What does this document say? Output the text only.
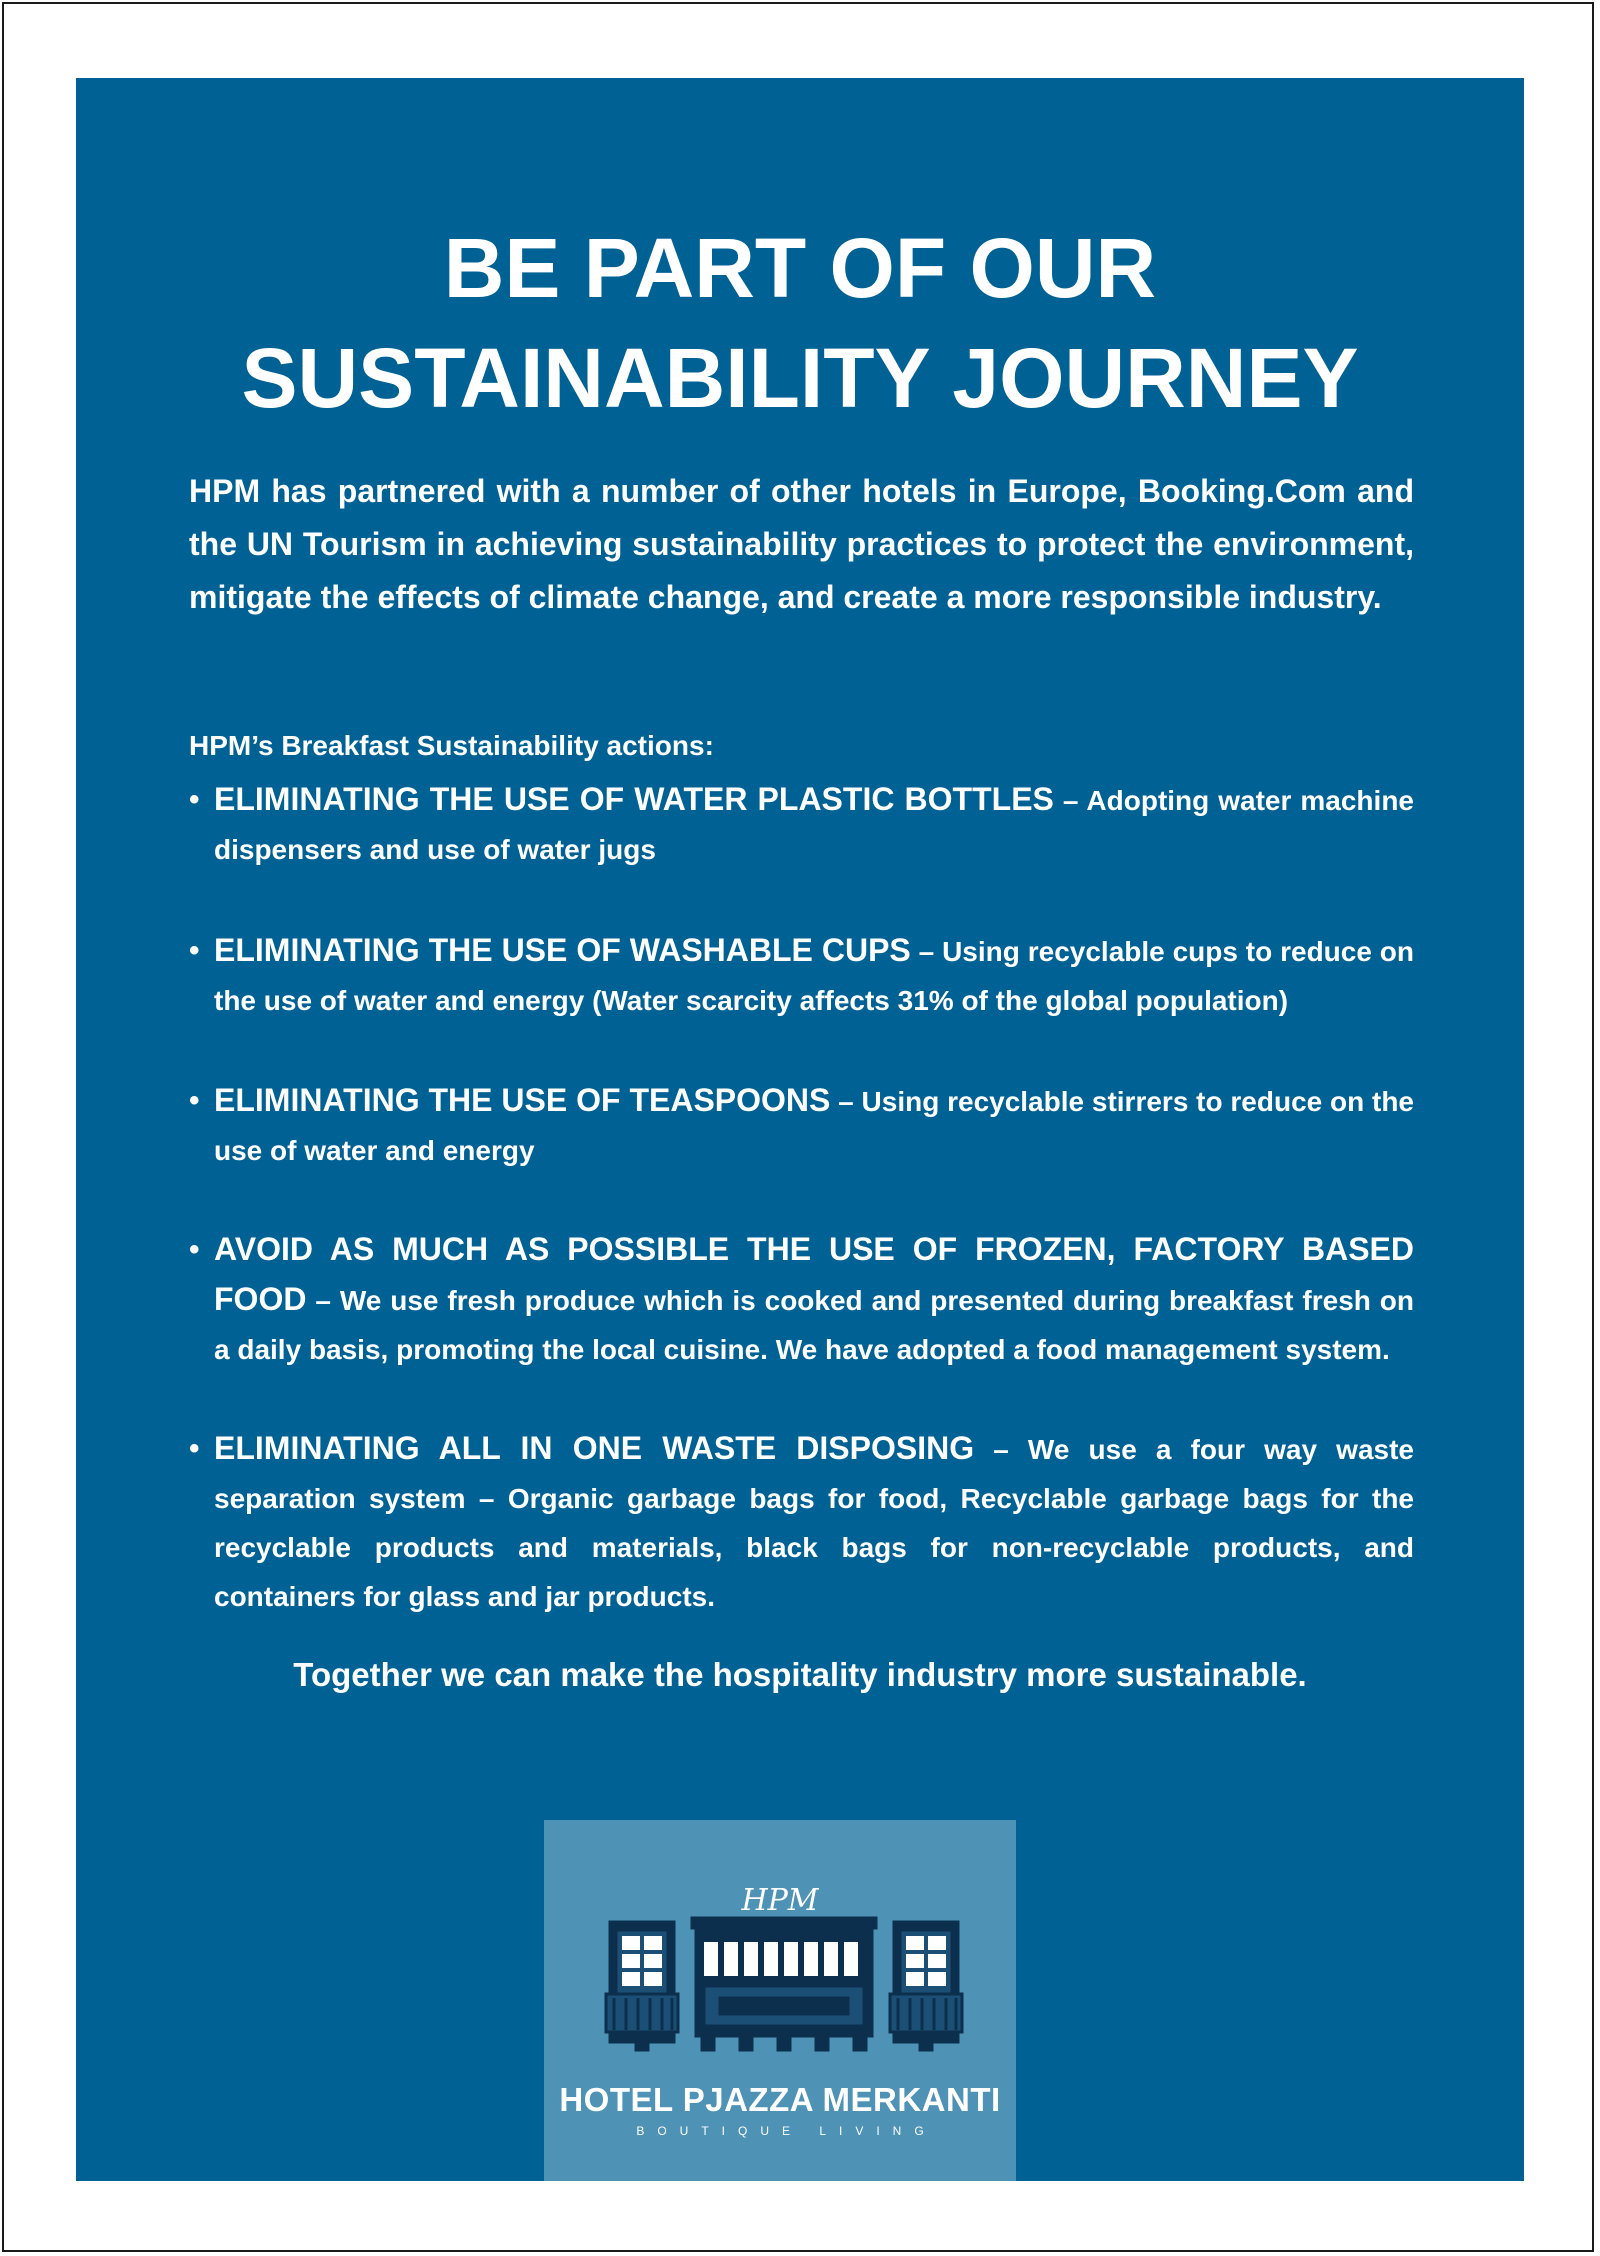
BE PART OF OUR
SUSTAINABILITY JOURNEY

HPM has partnered with a number of other hotels in Europe, Booking.Com and the UN Tourism in achieving sustainability practices to protect the environment, mitigate the effects of climate change, and create a more responsible industry.

HPM’s Breakfast Sustainability actions:

• ELIMINATING THE USE OF WATER PLASTIC BOTTLES – Adopting water machine dispensers and use of water jugs
• ELIMINATING THE USE OF WASHABLE CUPS – Using recyclable cups to reduce on the use of water and energy (Water scarcity affects 31% of the global population)
• ELIMINATING THE USE OF TEASPOONS – Using recyclable stirrers to reduce on the use of water and energy
• AVOID AS MUCH AS POSSIBLE THE USE OF FROZEN, FACTORY BASED FOOD – We use fresh produce which is cooked and presented during breakfast fresh on a daily basis, promoting the local cuisine. We have adopted a food management system.
• ELIMINATING ALL IN ONE WASTE DISPOSING – We use a four way waste separation system – Organic garbage bags for food, Recyclable garbage bags for the recyclable products and materials, black bags for non-recyclable products, and containers for glass and jar products.

Together we can make the hospitality industry more sustainable.

HPM
HOTEL PJAZZA MERKANTI
BOUTIQUE LIVING
